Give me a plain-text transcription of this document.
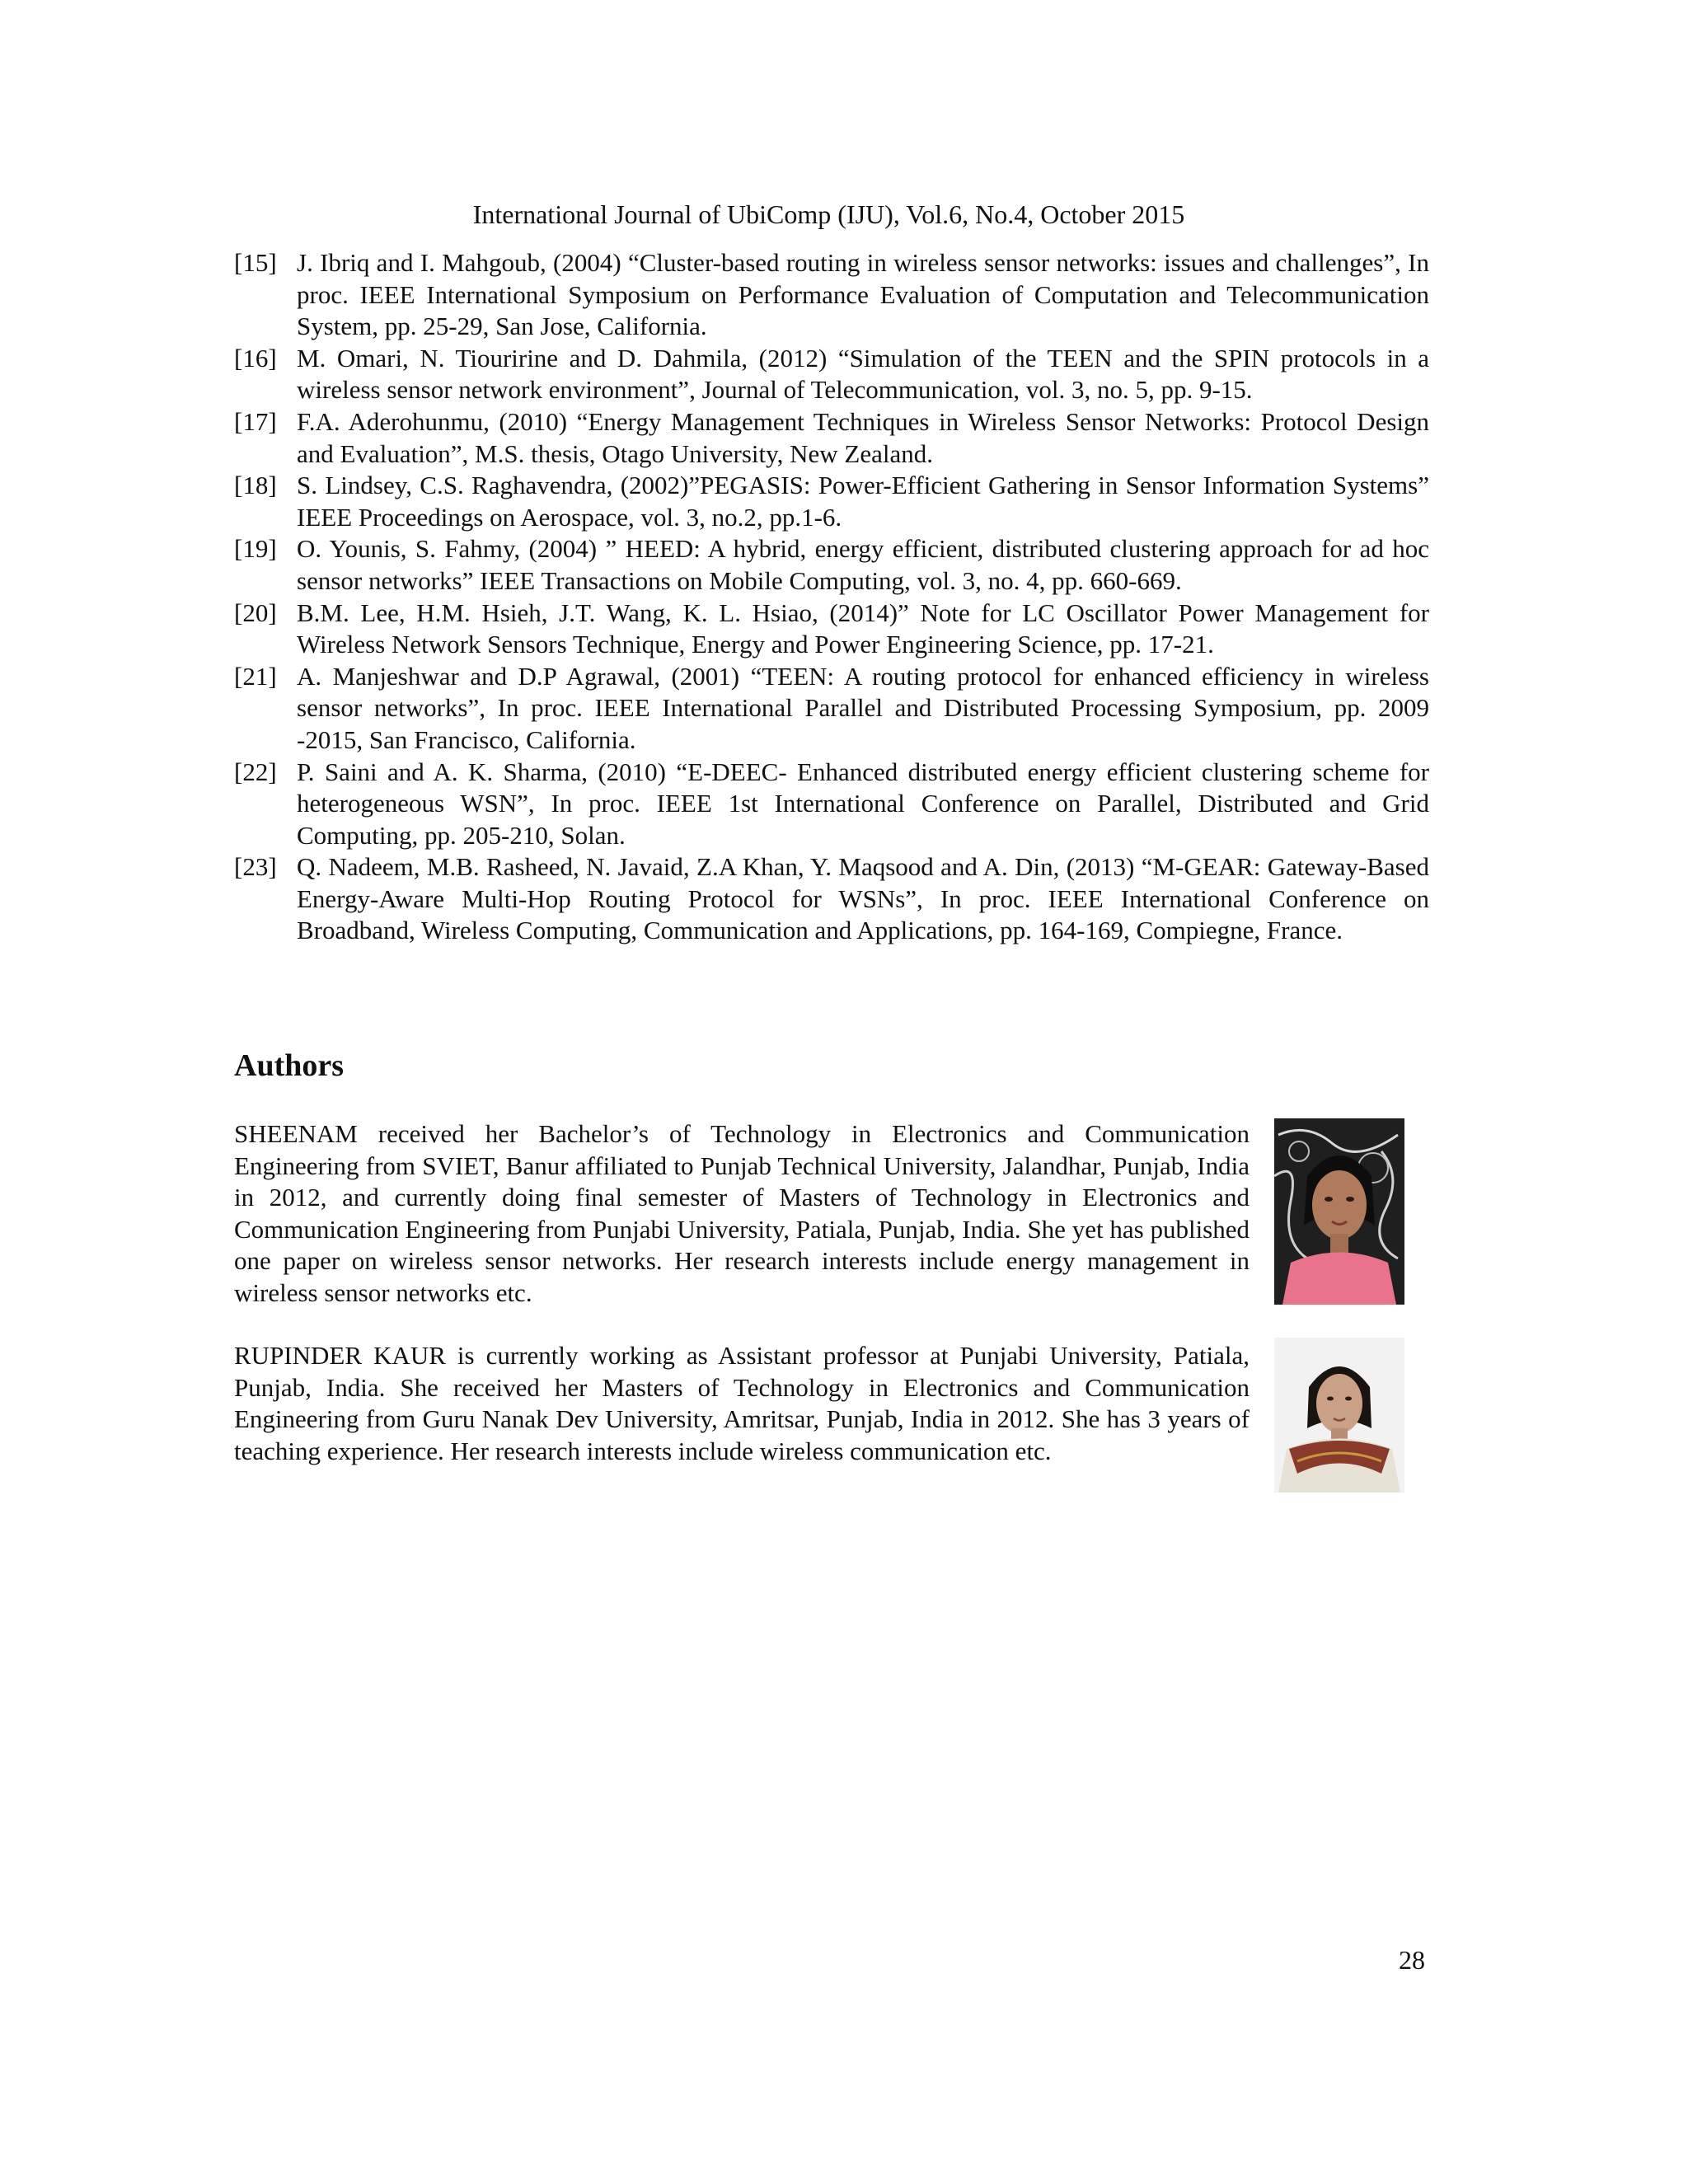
International Journal of UbiComp (IJU), Vol.6, No.4, October 2015
[15] J. Ibriq and I. Mahgoub, (2004) “Cluster-based routing in wireless sensor networks: issues and challenges”, In proc. IEEE International Symposium on Performance Evaluation of Computation and Telecommunication System, pp. 25-29, San Jose, California.
[16] M. Omari, N. Tiouririne and D. Dahmila, (2012) “Simulation of the TEEN and the SPIN protocols in a wireless sensor network environment”, Journal of Telecommunication, vol. 3, no. 5, pp. 9-15.
[17] F.A. Aderohunmu, (2010) “Energy Management Techniques in Wireless Sensor Networks: Protocol Design and Evaluation”, M.S. thesis, Otago University, New Zealand.
[18] S. Lindsey, C.S. Raghavendra, (2002)”PEGASIS: Power-Efficient Gathering in Sensor Information Systems” IEEE Proceedings on Aerospace, vol. 3, no.2, pp.1-6.
[19] O. Younis, S. Fahmy, (2004) ” HEED: A hybrid, energy efficient, distributed clustering approach for ad hoc sensor networks” IEEE Transactions on Mobile Computing, vol. 3, no. 4, pp. 660-669.
[20] B.M. Lee, H.M. Hsieh, J.T. Wang, K. L. Hsiao, (2014)” Note for LC Oscillator Power Management for Wireless Network Sensors Technique, Energy and Power Engineering Science, pp. 17-21.
[21] A. Manjeshwar and D.P Agrawal, (2001) “TEEN: A routing protocol for enhanced efficiency in wireless sensor networks”, In proc. IEEE International Parallel and Distributed Processing Symposium, pp. 2009 -2015, San Francisco, California.
[22] P. Saini and A. K. Sharma, (2010) “E-DEEC- Enhanced distributed energy efficient clustering scheme for heterogeneous WSN”, In proc. IEEE 1st International Conference on Parallel, Distributed and Grid Computing, pp. 205-210, Solan.
[23] Q. Nadeem, M.B. Rasheed, N. Javaid, Z.A Khan, Y. Maqsood and A. Din, (2013) “M-GEAR: Gateway-Based Energy-Aware Multi-Hop Routing Protocol for WSNs”, In proc. IEEE International Conference on Broadband, Wireless Computing, Communication and Applications, pp. 164-169, Compiegne, France.
Authors

SHEENAM received her Bachelor’s of Technology in Electronics and Communication Engineering from SVIET, Banur affiliated to Punjab Technical University, Jalandhar, Punjab, India in 2012, and currently doing final semester of Masters of Technology in Electronics and Communication Engineering from Punjabi University, Patiala, Punjab, India. She yet has published one paper on wireless sensor networks. Her research interests include energy management in wireless sensor networks etc.

RUPINDER KAUR is currently working as Assistant professor at Punjabi University, Patiala, Punjab, India. She received her Masters of Technology in Electronics and Communication Engineering from Guru Nanak Dev University, Amritsar, Punjab, India in 2012. She has 3 years of teaching experience. Her research interests include wireless communication etc.

28
